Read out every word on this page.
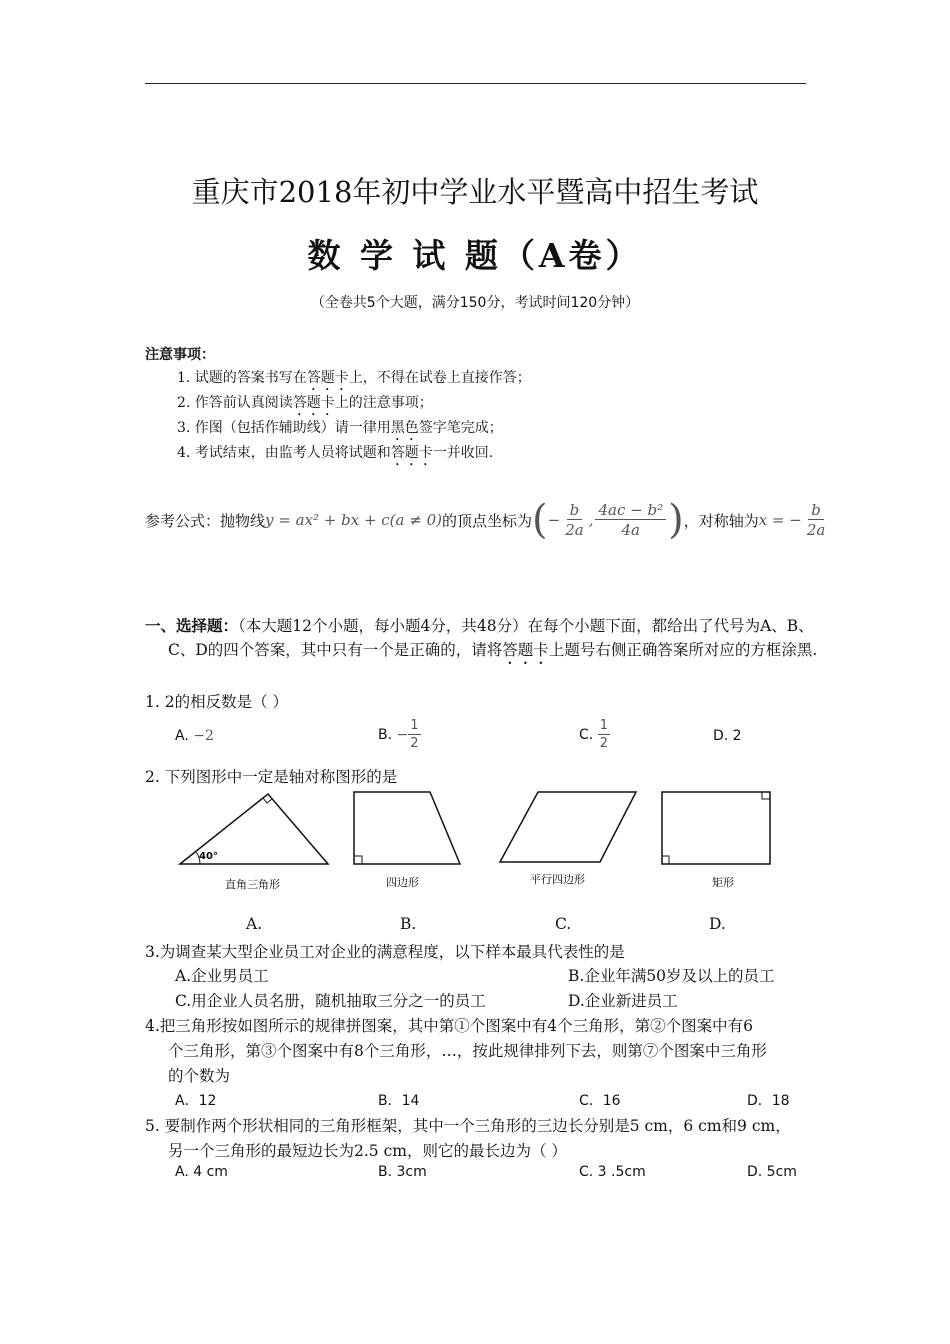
重庆市2018年初中学业水平暨高中招生考试
数 学 试 题（A卷）
（全卷共5个大题，满分150分，考试时间120分钟）
注意事项：
1. 试题的答案书写在答题卡上，不得在试卷上直接作答；
2. 作答前认真阅读答题卡上的注意事项；
3. 作图（包括作辅助线）请一律用黑色签字笔完成；
4. 考试结束，由监考人员将试题和答题卡一并收回.
参考公式：抛物线 y = ax² + bx + c(a ≠ 0) 的顶点坐标为 ( − $\frac{b}{2a}$ , $\frac{\text{4ac − b²}}{4a}$ ) ，对称轴为 x = − $\frac{b}{2a}$
一、选择题：（本大题12个小题，每小题4分，共48分）在每个小题下面，都给出了代号为A、B、C、D的四个答案，其中只有一个是正确的，请将答题卡上题号右侧正确答案所对应的方框涂黑.
1. 2的相反数是（ ）
A. −2	B.
− $\frac{1}{2}$	C.
$\frac{1}{2}$	D. 2
2. 下列图形中一定是轴对称图形的是
40°
直角三角形	四边形	平行四边形	矩形
A.	B.	C.	D.
3.为调查某大型企业员工对企业的满意程度，以下样本最具代表性的是
A.企业男员工	B.企业年满50岁及以上的员工
C.用企业人员名册，随机抽取三分之一的员工	D.企业新进员工
4.把三角形按如图所示的规律拼图案，其中第①个图案中有4个三角形，第②个图案中有6
个三角形，第③个图案中有8个三角形，…，按此规律排列下去，则第⑦个图案中三角形
的个数为
A．12	B．14	C．16	D．18
5. 要制作两个形状相同的三角形框架，其中一个三角形的三边长分别是5 cm，6 cm和9 cm，
另一个三角形的最短边长为2.5 cm，则它的最长边为（ ）
A. 4 cm	B. 3cm	C. 3 .5cm	D. 5cm
